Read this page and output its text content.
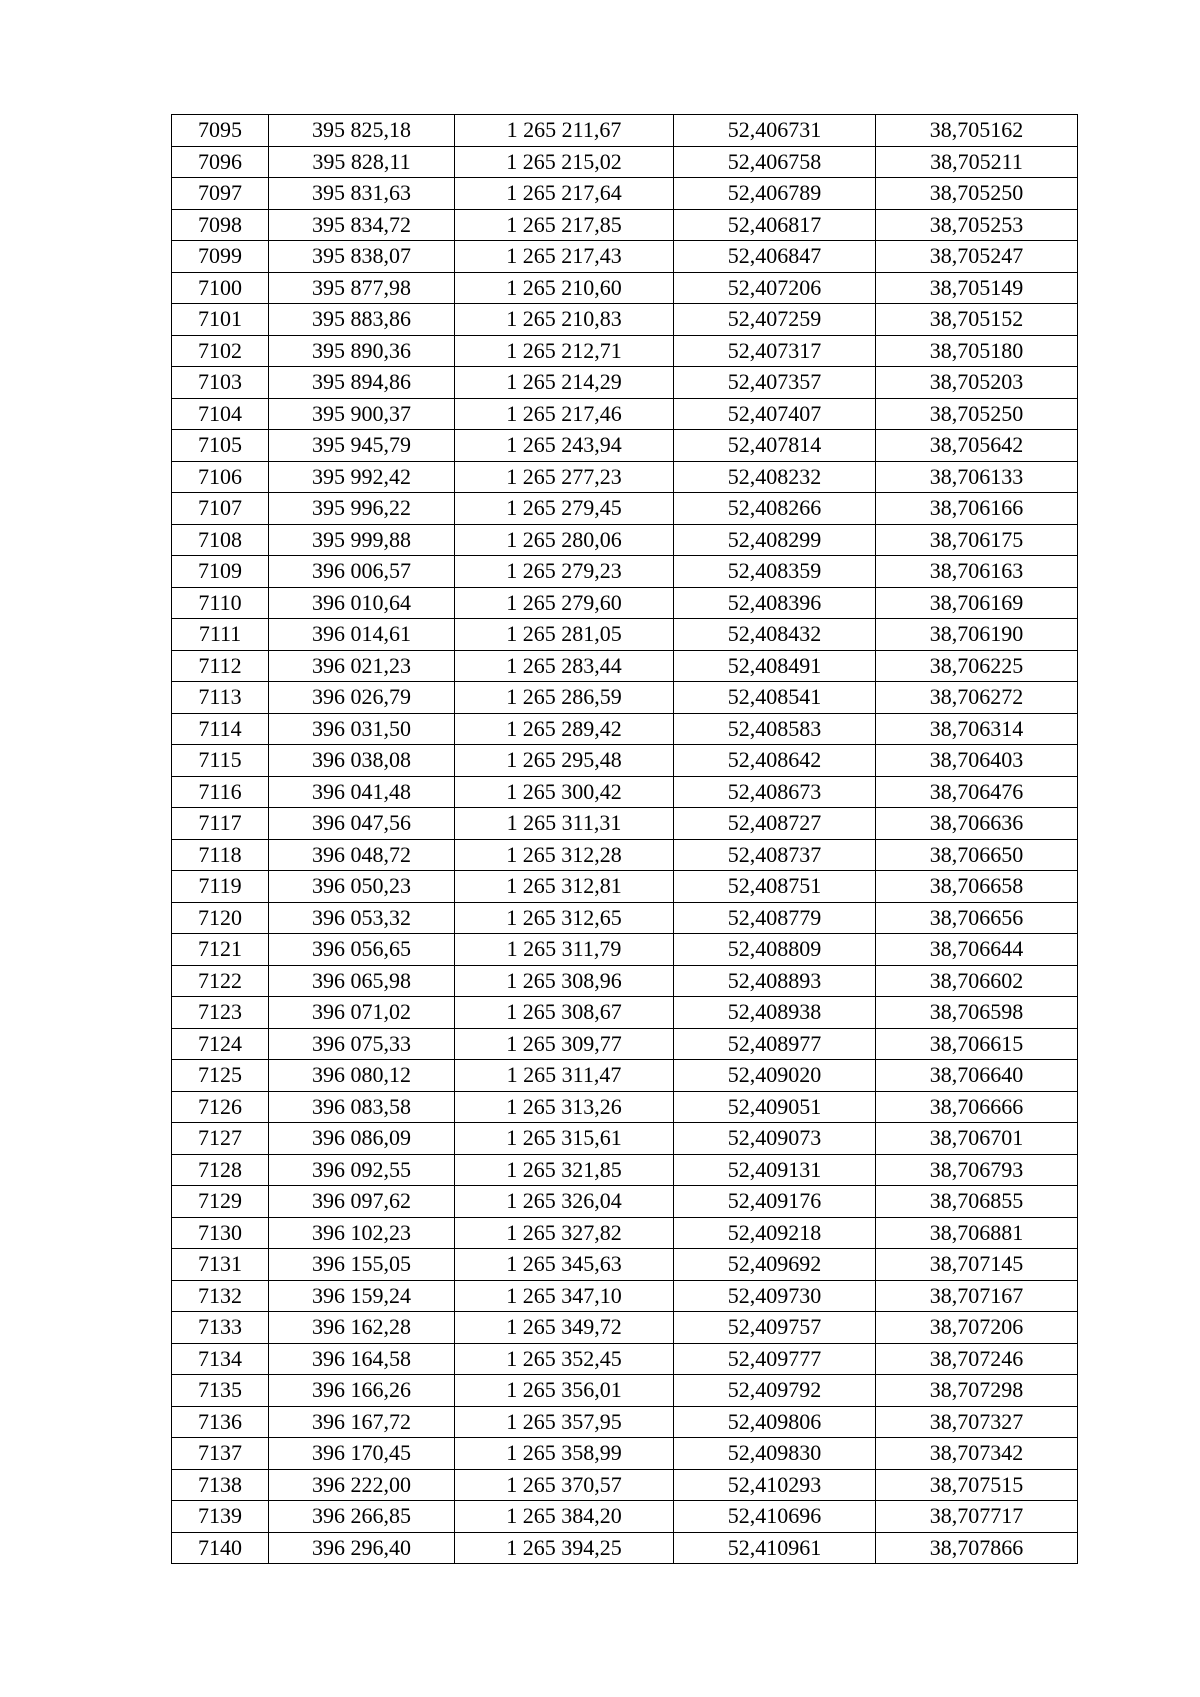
7095	395 825,18	1 265 211,67	52,406731	38,705162
7096	395 828,11	1 265 215,02	52,406758	38,705211
7097	395 831,63	1 265 217,64	52,406789	38,705250
7098	395 834,72	1 265 217,85	52,406817	38,705253
7099	395 838,07	1 265 217,43	52,406847	38,705247
7100	395 877,98	1 265 210,60	52,407206	38,705149
7101	395 883,86	1 265 210,83	52,407259	38,705152
7102	395 890,36	1 265 212,71	52,407317	38,705180
7103	395 894,86	1 265 214,29	52,407357	38,705203
7104	395 900,37	1 265 217,46	52,407407	38,705250
7105	395 945,79	1 265 243,94	52,407814	38,705642
7106	395 992,42	1 265 277,23	52,408232	38,706133
7107	395 996,22	1 265 279,45	52,408266	38,706166
7108	395 999,88	1 265 280,06	52,408299	38,706175
7109	396 006,57	1 265 279,23	52,408359	38,706163
7110	396 010,64	1 265 279,60	52,408396	38,706169
7111	396 014,61	1 265 281,05	52,408432	38,706190
7112	396 021,23	1 265 283,44	52,408491	38,706225
7113	396 026,79	1 265 286,59	52,408541	38,706272
7114	396 031,50	1 265 289,42	52,408583	38,706314
7115	396 038,08	1 265 295,48	52,408642	38,706403
7116	396 041,48	1 265 300,42	52,408673	38,706476
7117	396 047,56	1 265 311,31	52,408727	38,706636
7118	396 048,72	1 265 312,28	52,408737	38,706650
7119	396 050,23	1 265 312,81	52,408751	38,706658
7120	396 053,32	1 265 312,65	52,408779	38,706656
7121	396 056,65	1 265 311,79	52,408809	38,706644
7122	396 065,98	1 265 308,96	52,408893	38,706602
7123	396 071,02	1 265 308,67	52,408938	38,706598
7124	396 075,33	1 265 309,77	52,408977	38,706615
7125	396 080,12	1 265 311,47	52,409020	38,706640
7126	396 083,58	1 265 313,26	52,409051	38,706666
7127	396 086,09	1 265 315,61	52,409073	38,706701
7128	396 092,55	1 265 321,85	52,409131	38,706793
7129	396 097,62	1 265 326,04	52,409176	38,706855
7130	396 102,23	1 265 327,82	52,409218	38,706881
7131	396 155,05	1 265 345,63	52,409692	38,707145
7132	396 159,24	1 265 347,10	52,409730	38,707167
7133	396 162,28	1 265 349,72	52,409757	38,707206
7134	396 164,58	1 265 352,45	52,409777	38,707246
7135	396 166,26	1 265 356,01	52,409792	38,707298
7136	396 167,72	1 265 357,95	52,409806	38,707327
7137	396 170,45	1 265 358,99	52,409830	38,707342
7138	396 222,00	1 265 370,57	52,410293	38,707515
7139	396 266,85	1 265 384,20	52,410696	38,707717
7140	396 296,40	1 265 394,25	52,410961	38,707866
